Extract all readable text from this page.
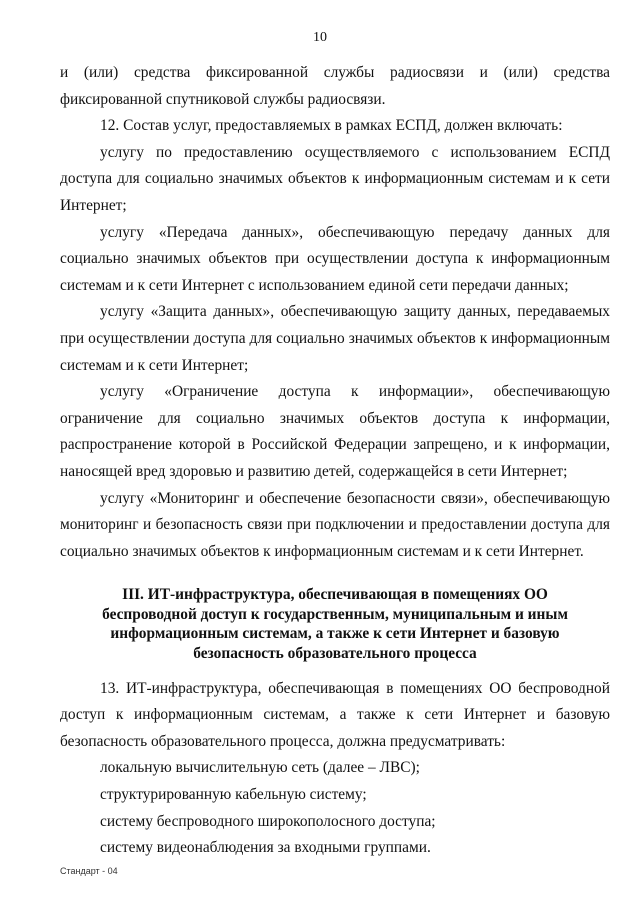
10

и (или) средства фиксированной службы радиосвязи и (или) средства фиксированной спутниковой службы радиосвязи.

12. Состав услуг, предоставляемых в рамках ЕСПД, должен включать:

услугу по предоставлению осуществляемого с использованием ЕСПД доступа для социально значимых объектов к информационным системам и к сети Интернет;

услугу «Передача данных», обеспечивающую передачу данных для социально значимых объектов при осуществлении доступа к информационным системам и к сети Интернет с использованием единой сети передачи данных;

услугу «Защита данных», обеспечивающую защиту данных, передаваемых при осуществлении доступа для социально значимых объектов к информационным системам и к сети Интернет;

услугу «Ограничение доступа к информации», обеспечивающую ограничение для социально значимых объектов доступа к информации, распространение которой в Российской Федерации запрещено, и к информации, наносящей вред здоровью и развитию детей, содержащейся в сети Интернет;

услугу «Мониторинг и обеспечение безопасности связи», обеспечивающую мониторинг и безопасность связи при подключении и предоставлении доступа для социально значимых объектов к информационным системам и к сети Интернет.

III. ИТ-инфраструктура, обеспечивающая в помещениях ОО беспроводной доступ к государственным, муниципальным и иным информационным системам, а также к сети Интернет и базовую безопасность образовательного процесса

13. ИТ-инфраструктура, обеспечивающая в помещениях ОО беспроводной доступ к информационным системам, а также к сети Интернет и базовую безопасность образовательного процесса, должна предусматривать:

локальную вычислительную сеть (далее – ЛВС);

структурированную кабельную систему;

систему беспроводного широкополосного доступа;

систему видеонаблюдения за входными группами.

Стандарт - 04
